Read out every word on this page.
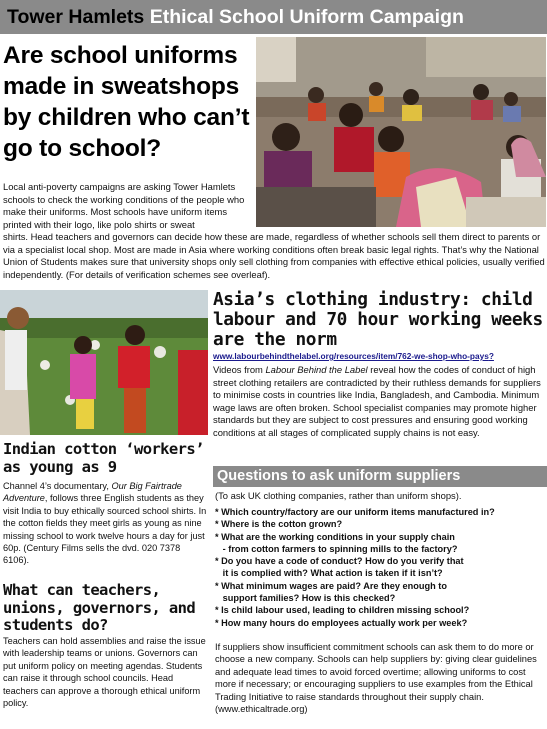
Tower Hamlets Ethical School Uniform Campaign
Are school uniforms made in sweatshops by children who can’t go to school?
Local anti-poverty campaigns are asking Tower Hamlets schools to check the working conditions of the people who make their uniforms. Most schools have uniform items printed with their logo, like polo shirts or sweat
shirts. Head teachers and governors can decide how these are made, regardless of whether schools sell them direct to parents or via a specialist local shop. Most are made in Asia where working conditions often break basic legal rights. That’s why the National Union of Students makes sure that university shops only sell clothing from companies with effective ethical policies, usually verified independently. (For details of verification schemes see overleaf).
Asia’s clothing industry: child labour and 70 hour working weeks are the norm
www.labourbehindthelabel.org/resources/item/762-we-shop-who-pays?
Videos from Labour Behind the Label reveal how the codes of conduct of high street clothing retailers are contradicted by their ruthless demands for suppliers to minimise costs in countries like India, Bangladesh, and Cambodia. Minimum wage laws are often broken. School specialist companies may promote higher standards but they are subject to cost pressures and ensuring good working conditions at all stages of complicated supply chains is not easy.
Questions to ask uniform suppliers
(To ask UK clothing companies, rather than uniform shops).
* Which country/factory are our uniform items manufactured in?
* Where is the cotton grown?
* What are the working conditions in your supply chain
- from cotton farmers to spinning mills to the factory?
* Do you have a code of conduct? How do you verify that
it is complied with? What action is taken if it isn’t?
* What minimum wages are paid? Are they enough to
support families? How is this checked?
* Is child labour used, leading to children missing school?
* How many hours do employees actually work per week?
If suppliers show insufficient commitment schools can ask them to do more or choose a new company. Schools can help suppliers by: giving clear guidelines and adequate lead times to avoid forced overtime; allowing uniforms to cost more if necessary; or encouraging suppliers to use examples from the Ethical Trading Initiative to raise standards throughout their supply chain. (www.ethicaltrade.org)
Indian cotton ‘workers’ as young as 9
Channel 4’s documentary, Our Big Fairtrade Adventure, follows three English students as they visit India to buy ethically sourced school shirts. In the cotton fields they meet girls as young as nine missing school to work twelve hours a day for just 60p. (Century Films sells the dvd. 020 7378 6106).
What can teachers, unions, governors, and students do?
Teachers can hold assemblies and raise the issue with leadership teams or unions. Governors can put uniform policy on meeting agendas. Students can raise it through school councils. Head teachers can approve a thorough ethical uniform policy.
